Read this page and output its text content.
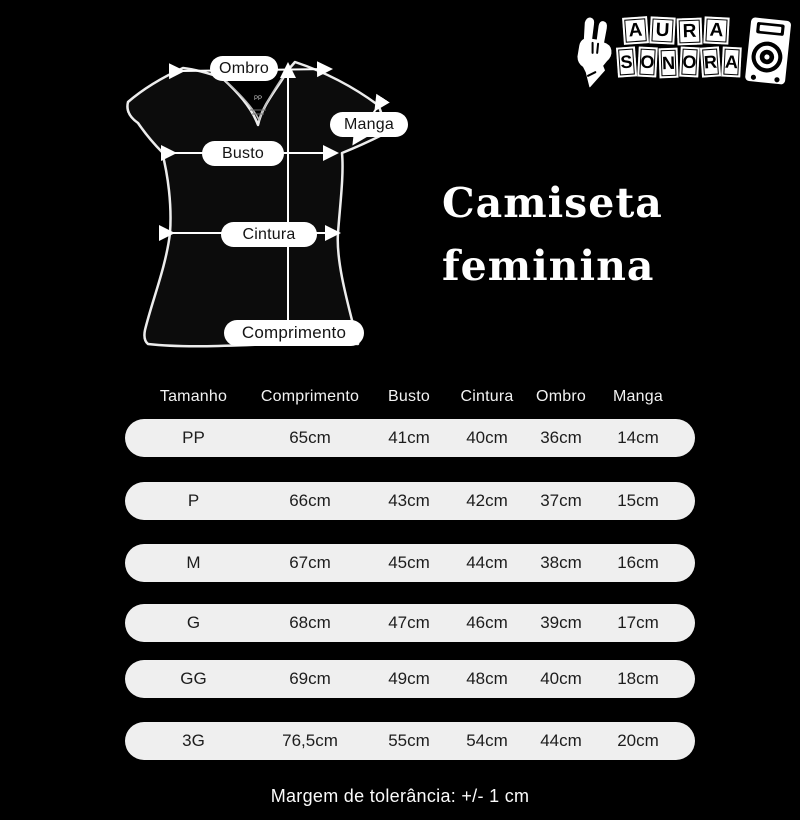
A U R A
S O N O R A
Camiseta
feminina
PP
Ombro
Manga
Busto
Cintura
Comprimento
Tamanho	Comprimento	Busto	Cintura	Ombro	Manga
PP	65cm	41cm	40cm	36cm	14cm
P	66cm	43cm	42cm	37cm	15cm
M	67cm	45cm	44cm	38cm	16cm
G	68cm	47cm	46cm	39cm	17cm
GG	69cm	49cm	48cm	40cm	18cm
3G	76,5cm	55cm	54cm	44cm	20cm
Margem de tolerância: +/- 1 cm
